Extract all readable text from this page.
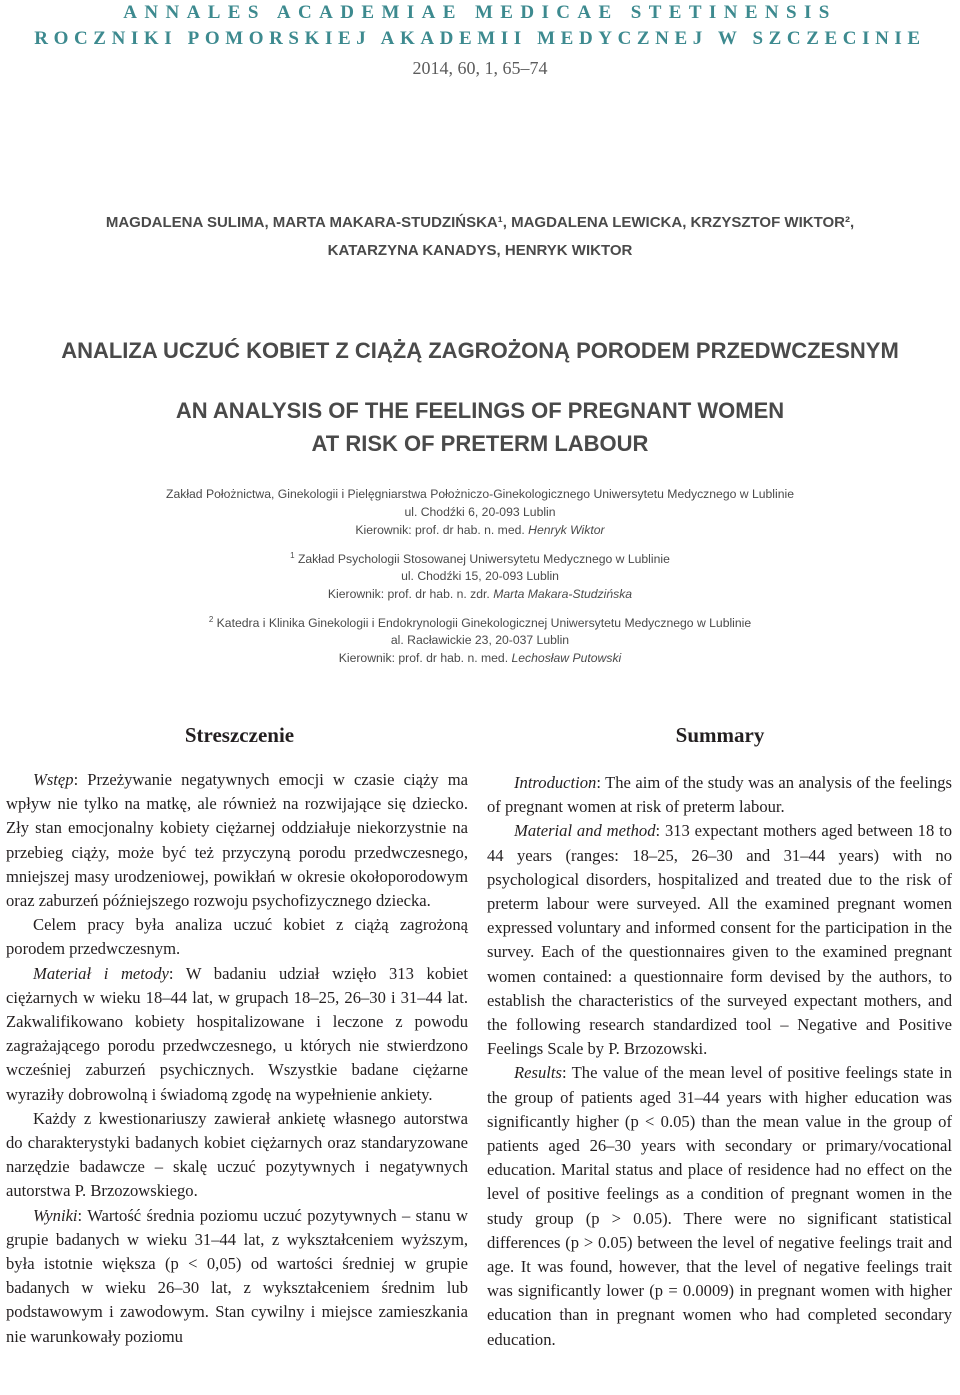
ANNALES ACADEMIAE MEDICAE STETINENSIS
ROCZNIKI POMORSKIEJ AKADEMII MEDYCZNEJ W SZCZECINIE
2014, 60, 1, 65–74
MAGDALENA SULIMA, MARTA MAKARA-STUDZIŃSKA¹, MAGDALENA LEWICKA, KRZYSZTOF WIKTOR²,
KATARZYNA KANADYS, HENRYK WIKTOR
ANALIZA UCZUĆ KOBIET Z CIĄŻĄ ZAGROŻONĄ PORODEM PRZEDWCZESNYM
AN ANALYSIS OF THE FEELINGS OF PREGNANT WOMEN
AT RISK OF PRETERM LABOUR
Zakład Położnictwa, Ginekologii i Pielęgniarstwa Położniczo-Ginekologicznego Uniwersytetu Medycznego w Lublinie
ul. Chodźki 6, 20-093 Lublin
Kierownik: prof. dr hab. n. med. Henryk Wiktor
$^1$ Zakład Psychologii Stosowanej Uniwersytetu Medycznego w Lublinie
ul. Chodźki 15, 20-093 Lublin
Kierownik: prof. dr hab. n. zdr. Marta Makara-Studzińska
$^2$ Katedra i Klinika Ginekologii i Endokrynologii Ginekologicznej Uniwersytetu Medycznego w Lublinie
al. Racławickie 23, 20-037 Lublin
Kierownik: prof. dr hab. n. med. Lechosław Putowski
Streszczenie	Summary

Wstęp: Przeżywanie negatywnych emocji w czasie ciąży ma wpływ nie tylko na matkę, ale również na rozwijające się dziecko. Zły stan emocjonalny kobiety ciężarnej oddziałuje niekorzystnie na przebieg ciąży, może być też przyczyną porodu przedwczesnego, mniejszej masy urodzeniowej, powikłań w okresie okołoporodowym oraz zaburzeń późniejszego rozwoju psychofizycznego dziecka.

Celem pracy była analiza uczuć kobiet z ciążą zagrożoną porodem przedwczesnym.

Materiał i metody: W badaniu udział wzięło 313 kobiet ciężarnych w wieku 18–44 lat, w grupach 18–25, 26–30 i 31–44 lat. Zakwalifikowano kobiety hospitalizowane i leczone z powodu zagrażającego porodu przedwczesnego, u których nie stwierdzono wcześniej zaburzeń psychicznych. Wszystkie badane ciężarne wyraziły dobrowolną i świadomą zgodę na wypełnienie ankiety.

Każdy z kwestionariuszy zawierał ankietę własnego autorstwa do charakterystyki badanych kobiet ciężarnych oraz standaryzowane narzędzie badawcze – skalę uczuć pozytywnych i negatywnych autorstwa P. Brzozowskiego.

Wyniki: Wartość średnia poziomu uczuć pozytywnych – stanu w grupie badanych w wieku 31–44 lat, z wykształceniem wyższym, była istotnie większa (p < 0,05) od wartości średniej w grupie badanych w wieku 26–30 lat, z wykształceniem średnim lub podstawowym i zawodowym. Stan cywilny i miejsce zamieszkania nie warunkowały poziomu

Introduction: The aim of the study was an analysis of the feelings of pregnant women at risk of preterm labour.

Material and method: 313 expectant mothers aged between 18 to 44 years (ranges: 18–25, 26–30 and 31–44 years) with no psychological disorders, hospitalized and treated due to the risk of preterm labour were surveyed. All the examined pregnant women expressed voluntary and informed consent for the participation in the survey. Each of the questionnaires given to the examined pregnant women contained: a questionnaire form devised by the authors, to establish the characteristics of the surveyed expectant mothers, and the following research standardized tool – Negative and Positive Feelings Scale by P. Brzozowski.

Results: The value of the mean level of positive feelings state in the group of patients aged 31–44 years with higher education was significantly higher (p < 0.05) than the mean value in the group of patients aged 26–30 years with secondary or primary/vocational education. Marital status and place of residence had no effect on the level of positive feelings as a condition of pregnant women in the study group (p > 0.05). There were no significant statistical differences (p > 0.05) between the level of negative feelings trait and age. It was found, however, that the level of negative feelings trait was significantly lower (p = 0.0009) in pregnant women with higher education than in pregnant women who had completed secondary education.
